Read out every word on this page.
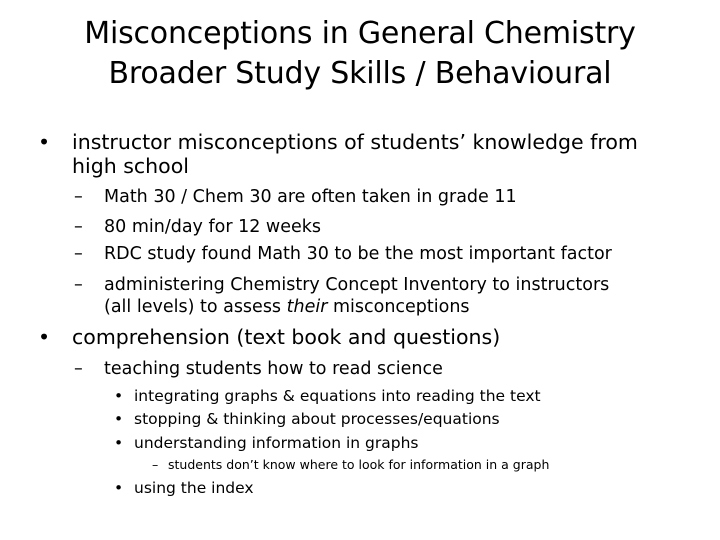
Misconceptions in General Chemistry
Broader Study Skills / Behavioural
• instructor misconceptions of students’ knowledge from
high school
– Math 30 / Chem 30 are often taken in grade 11
– 80 min/day for 12 weeks
– RDC study found Math 30 to be the most important factor
– administering Chemistry Concept Inventory to instructors
(all levels) to assess their misconceptions
• comprehension (text book and questions)
– teaching students how to read science
• integrating graphs & equations into reading the text
• stopping & thinking about processes/equations
• understanding information in graphs
– students don’t know where to look for information in a graph
• using the index
